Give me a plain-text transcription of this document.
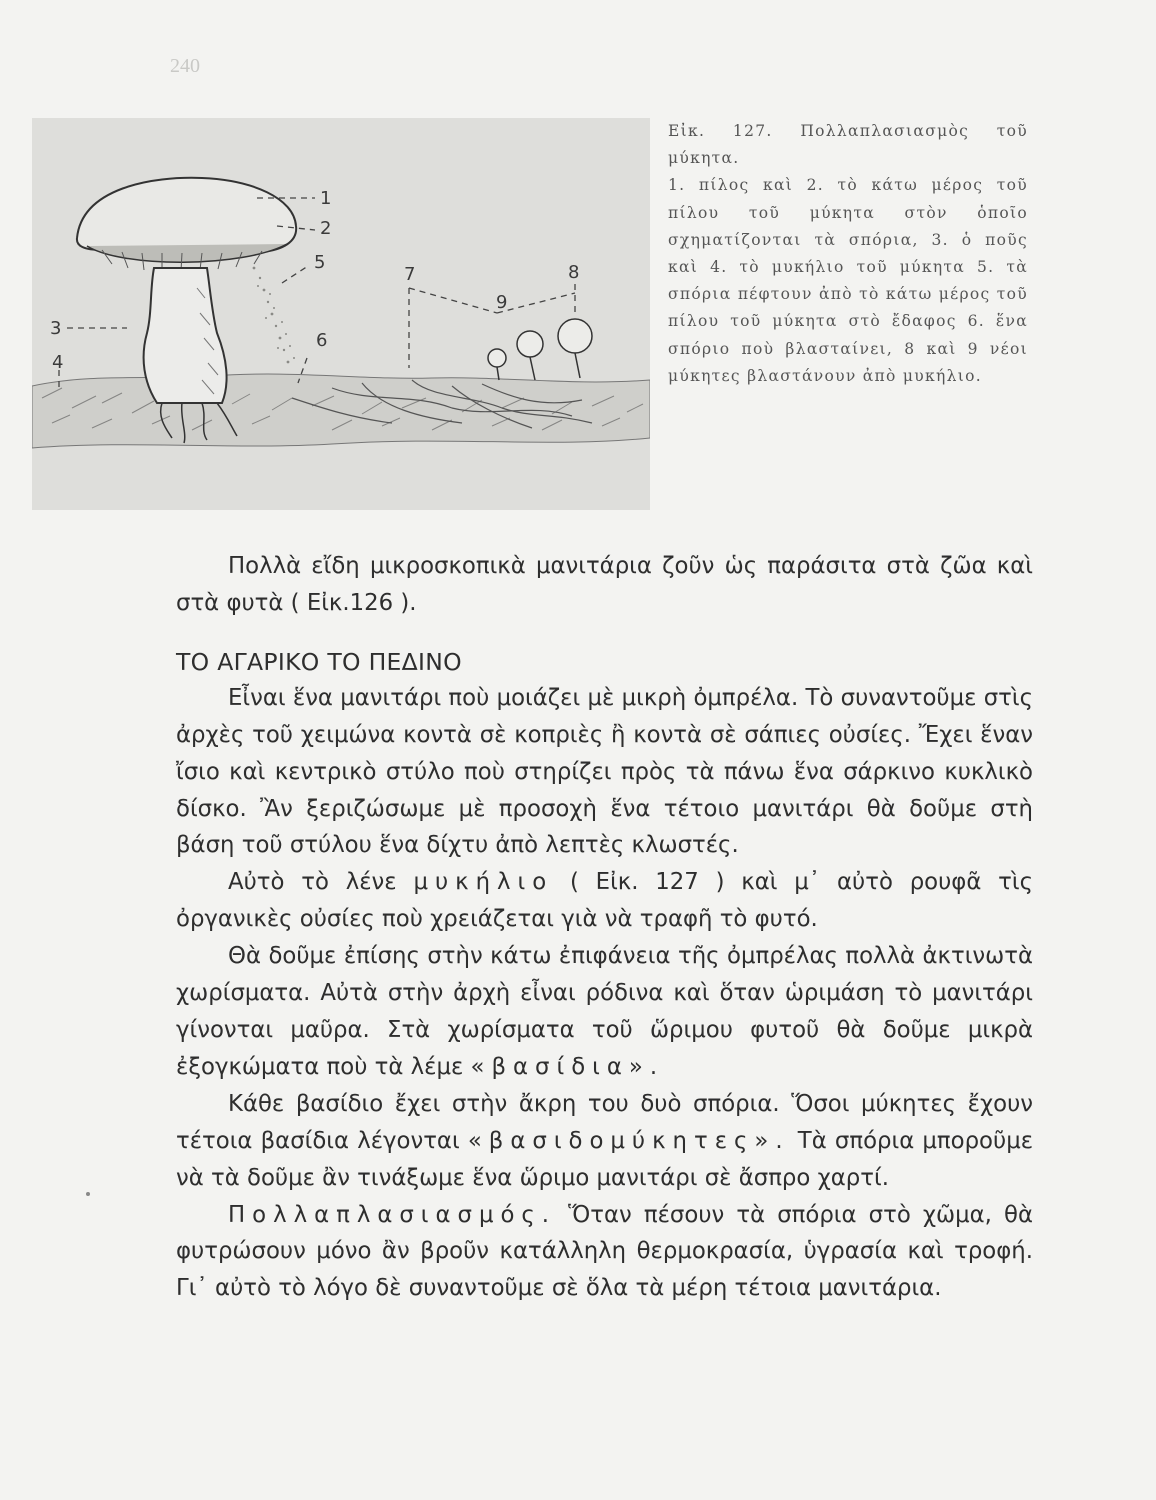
240
1
2
5
3
4
6
7	8
9

Εἰκ. 127. Πολλαπλασιασμὸς τοῦ μύκητα.

1. πίλος καὶ 2. τὸ κάτω μέρος τοῦ πίλου τοῦ μύκητα στὸν ὁποῖο σχηματίζονται τὰ σπόρια, 3. ὁ ποῦς καὶ 4. τὸ μυκήλιο τοῦ μύκητα 5. τὰ σπόρια πέφτουν ἀπὸ τὸ κάτω μέρος τοῦ πίλου τοῦ μύκητα στὸ ἔδαφος 6. ἕνα σπόριο ποὺ βλασταίνει, 8 καὶ 9 νέοι μύκητες βλαστάνουν ἀπὸ μυκήλιο.

Πολλὰ εἴδη μικροσκοπικὰ μανιτάρια ζοῦν ὡς παράσιτα στὰ ζῶα καὶ στὰ φυτὰ ( Εἰκ.126 ).

ΤΟ ΑΓΑΡΙΚΟ ΤΟ ΠΕΔΙΝΟ

Εἶναι ἕνα μανιτάρι ποὺ μοιάζει μὲ μικρὴ ὀμπρέλα. Τὸ συναντοῦμε στὶς ἀρχὲς τοῦ χειμώνα κοντὰ σὲ κοπριὲς ἢ κοντὰ σὲ σάπιες οὐσίες. Ἔχει ἕναν ἴσιο καὶ κεντρικὸ στύλο ποὺ στηρίζει πρὸς τὰ πάνω ἕνα σάρκινο κυκλικὸ δίσκο. Ἂν ξεριζώσωμε μὲ προσοχὴ ἕνα τέτοιο μανιτάρι θὰ δοῦμε στὴ βάση τοῦ στύλου ἕνα δίχτυ ἀπὸ λεπτὲς κλωστές.

Αὐτὸ τὸ λένε μυκήλιο ( Εἰκ. 127 ) καὶ μ᾽ αὐτὸ ρουφᾶ τὶς ὀργανικὲς οὐσίες ποὺ χρειάζεται γιὰ νὰ τραφῆ τὸ φυτό.

Θὰ δοῦμε ἐπίσης στὴν κάτω ἐπιφάνεια τῆς ὀμπρέλας πολλὰ ἀκτινωτὰ χωρίσματα. Αὐτὰ στὴν ἀρχὴ εἶναι ρόδινα καὶ ὅταν ὡριμάση τὸ μανιτάρι γίνονται μαῦρα. Στὰ χωρίσματα τοῦ ὥριμου φυτοῦ θὰ δοῦμε μικρὰ ἐξογκώματα ποὺ τὰ λέμε «βασίδια».

Κάθε βασίδιο ἔχει στὴν ἄκρη του δυὸ σπόρια. Ὅσοι μύκητες ἔχουν τέτοια βασίδια λέγονται «βασιδομύκητες». Τὰ σπόρια μποροῦμε νὰ τὰ δοῦμε ἂν τινάξωμε ἕνα ὥριμο μανιτάρι σὲ ἄσπρο χαρτί.

Πολλαπλασιασμός. Ὅταν πέσουν τὰ σπόρια στὸ χῶμα, θὰ φυτρώσουν μόνο ἂν βροῦν κατάλληλη θερμοκρασία, ὑγρασία καὶ τροφή. Γι᾽ αὐτὸ τὸ λόγο δὲ συναντοῦμε σὲ ὅλα τὰ μέρη τέτοια μανιτάρια.
